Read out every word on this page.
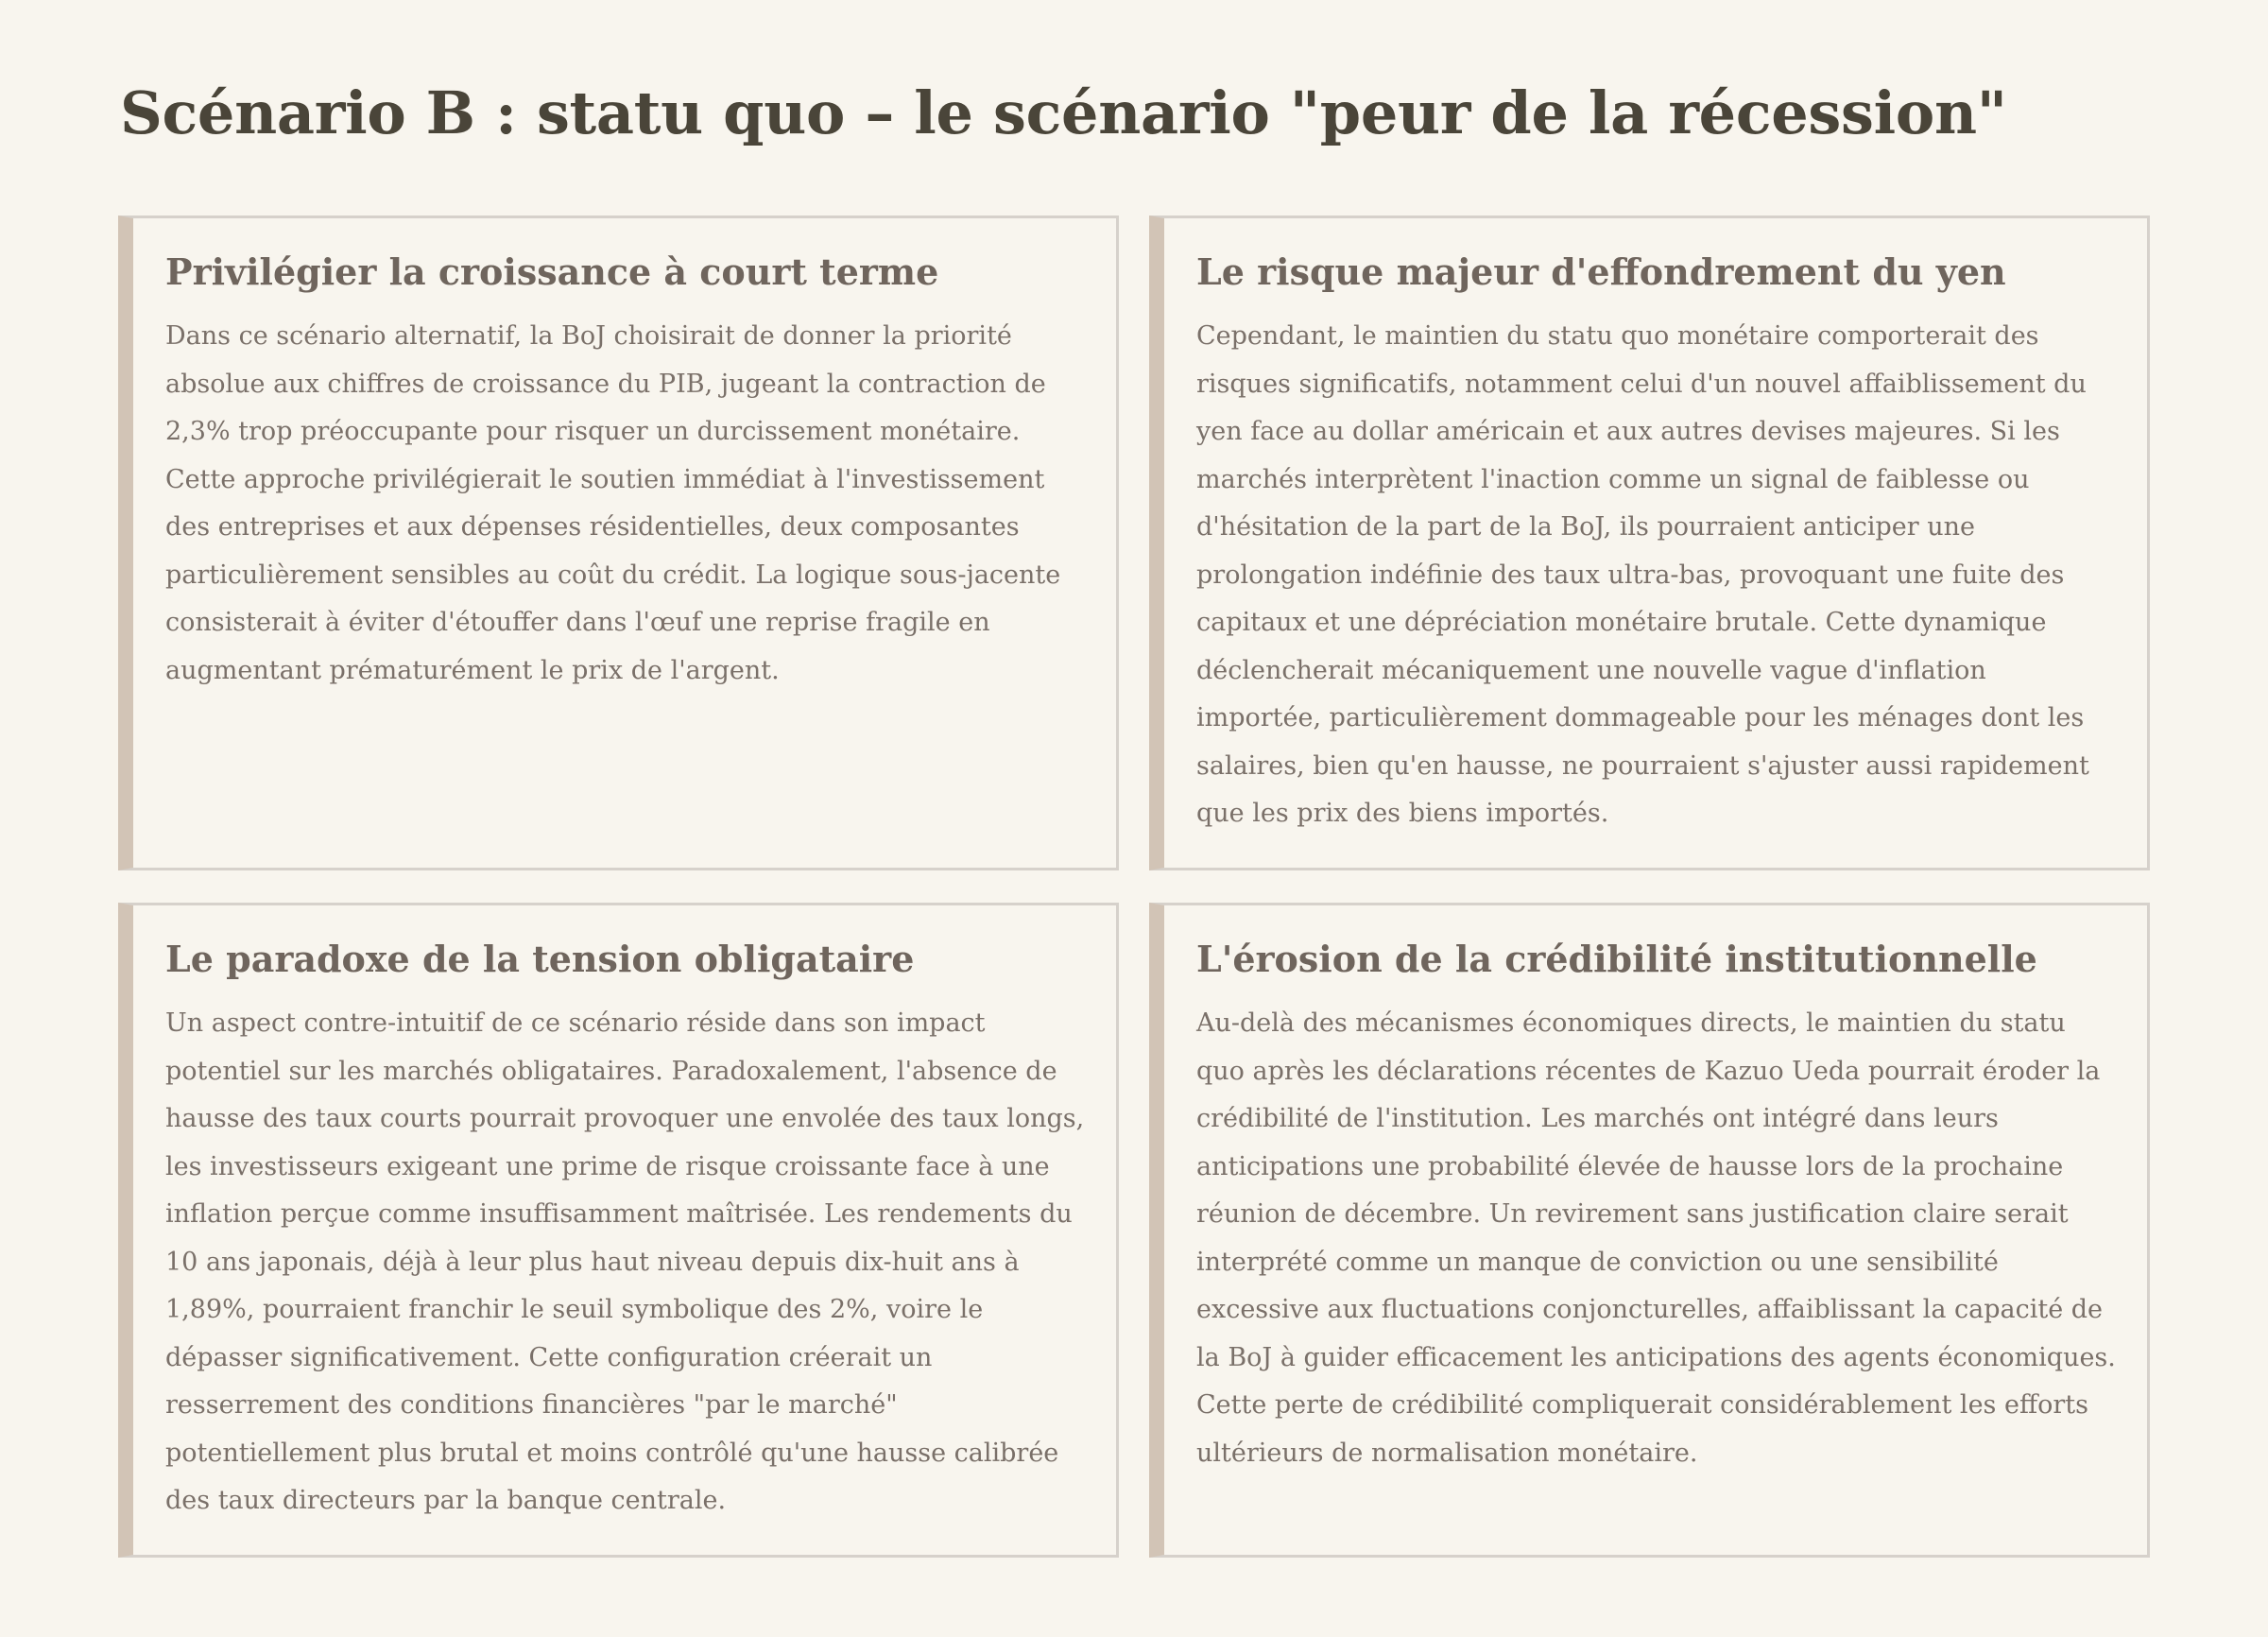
Scénario B : statu quo – le scénario "peur de la récession"
Privilégier la croissance à court terme

Dans ce scénario alternatif, la BoJ choisirait de donner la priorité absolue aux chiffres de croissance du PIB, jugeant la contraction de 2,3% trop préoccupante pour risquer un durcissement monétaire. Cette approche privilégierait le soutien immédiat à l'investissement des entreprises et aux dépenses résidentielles, deux composantes particulièrement sensibles au coût du crédit. La logique sous-jacente consisterait à éviter d'étouffer dans l'œuf une reprise fragile en augmentant prématurément le prix de l'argent.

Le risque majeur d'effondrement du yen

Cependant, le maintien du statu quo monétaire comporterait des risques significatifs, notamment celui d'un nouvel affaiblissement du yen face au dollar américain et aux autres devises majeures. Si les marchés interprètent l'inaction comme un signal de faiblesse ou d'hésitation de la part de la BoJ, ils pourraient anticiper une prolongation indéfinie des taux ultra-bas, provoquant une fuite des capitaux et une dépréciation monétaire brutale. Cette dynamique déclencherait mécaniquement une nouvelle vague d'inflation importée, particulièrement dommageable pour les ménages dont les salaires, bien qu'en hausse, ne pourraient s'ajuster aussi rapidement que les prix des biens importés.

Le paradoxe de la tension obligataire

Un aspect contre-intuitif de ce scénario réside dans son impact potentiel sur les marchés obligataires. Paradoxalement, l'absence de hausse des taux courts pourrait provoquer une envolée des taux longs, les investisseurs exigeant une prime de risque croissante face à une inflation perçue comme insuffisamment maîtrisée. Les rendements du 10 ans japonais, déjà à leur plus haut niveau depuis dix-huit ans à 1,89%, pourraient franchir le seuil symbolique des 2%, voire le dépasser significativement. Cette configuration créerait un resserrement des conditions financières "par le marché" potentiellement plus brutal et moins contrôlé qu'une hausse calibrée des taux directeurs par la banque centrale.

L'érosion de la crédibilité institutionnelle

Au-delà des mécanismes économiques directs, le maintien du statu quo après les déclarations récentes de Kazuo Ueda pourrait éroder la crédibilité de l'institution. Les marchés ont intégré dans leurs anticipations une probabilité élevée de hausse lors de la prochaine réunion de décembre. Un revirement sans justification claire serait interprété comme un manque de conviction ou une sensibilité excessive aux fluctuations conjoncturelles, affaiblissant la capacité de la BoJ à guider efficacement les anticipations des agents économiques. Cette perte de crédibilité compliquerait considérablement les efforts ultérieurs de normalisation monétaire.
